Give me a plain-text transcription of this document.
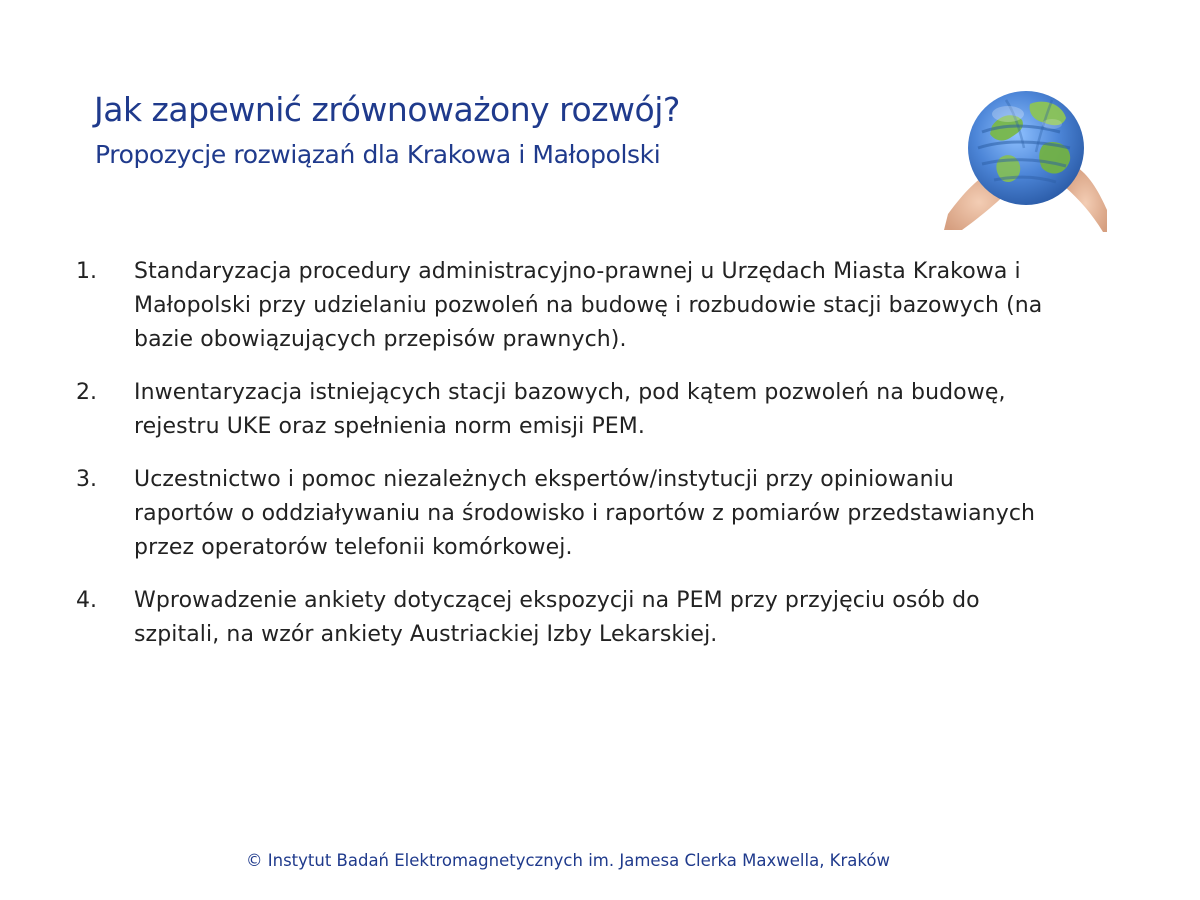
Jak zapewnić zrównoważony rozwój?
Propozycje rozwiązań dla Krakowa i Małopolski
1.	Standaryzacja procedury administracyjno-prawnej u Urzędach Miasta Krakowa i Małopolski przy udzielaniu pozwoleń na budowę i rozbudowie stacji bazowych (na bazie obowiązujących przepisów prawnych).
2.	Inwentaryzacja istniejących stacji bazowych, pod kątem pozwoleń na budowę, rejestru UKE oraz spełnienia norm emisji PEM.
3.	Uczestnictwo i pomoc niezależnych ekspertów/instytucji przy opiniowaniu raportów o oddziaływaniu na środowisko i raportów z pomiarów przedstawianych przez operatorów telefonii komórkowej.
4.	Wprowadzenie ankiety dotyczącej ekspozycji na PEM przy przyjęciu osób do szpitali, na wzór ankiety Austriackiej Izby Lekarskiej.
© Instytut Badań Elektromagnetycznych im. Jamesa Clerka Maxwella, Kraków
